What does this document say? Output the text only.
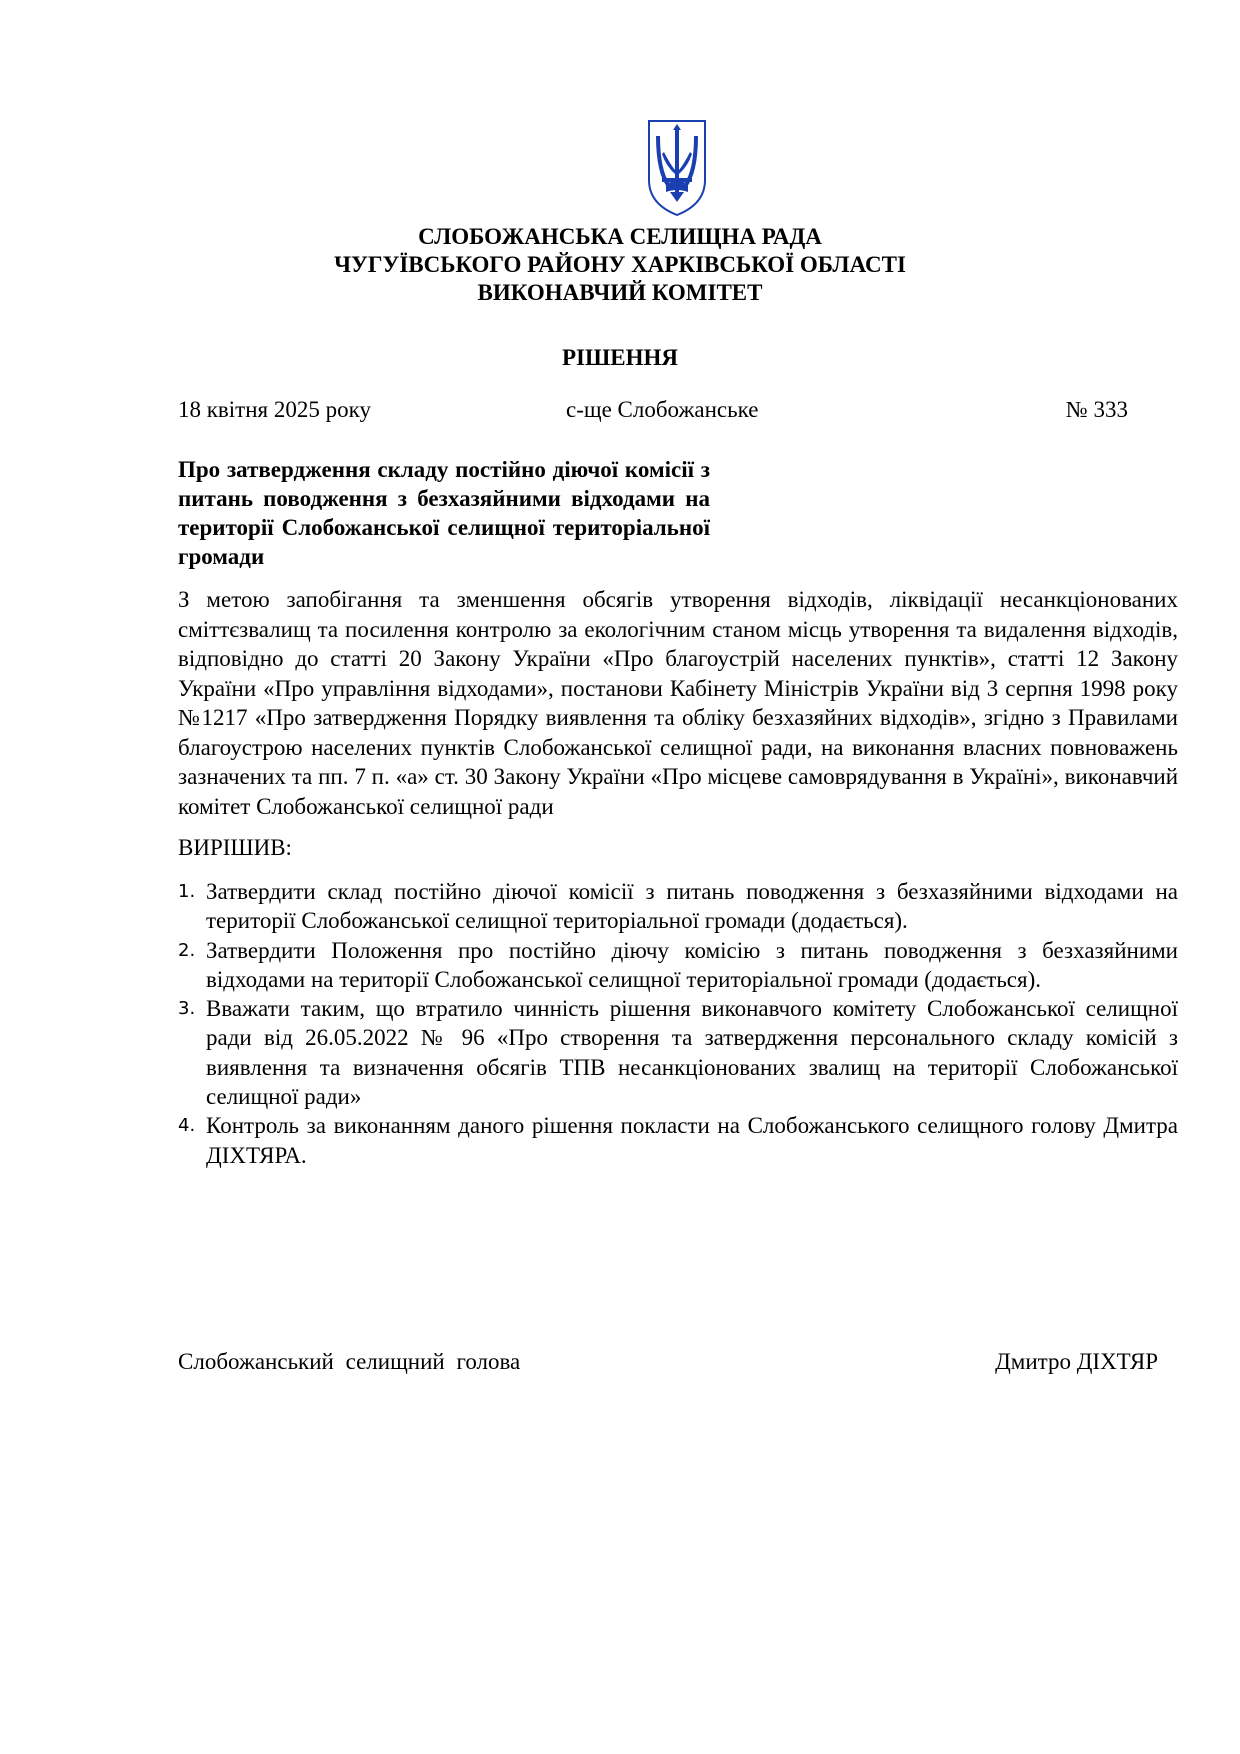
СЛОБОЖАНСЬКА СЕЛИЩНА РАДА
ЧУГУЇВСЬКОГО РАЙОНУ ХАРКІВСЬКОЇ ОБЛАСТІ
ВИКОНАВЧИЙ КОМІТЕТ
РІШЕННЯ
18 квітня 2025 року	с-ще Слобожанське	№ 333
Про затвердження складу постійно діючої комісії з питань поводження з безхазяйними відходами на території Слобожанської селищної територіальної громади
З метою запобігання та зменшення обсягів утворення відходів, ліквідації несанкціонованих сміттєзвалищ та посилення контролю за екологічним станом місць утворення та видалення відходів, відповідно до статті 20 Закону України «Про благоустрій населених пунктів», статті 12 Закону України «Про управління відходами», постанови Кабінету Міністрів України від 3 серпня 1998 року №1217 «Про затвердження Порядку виявлення та обліку безхазяйних відходів», згідно з Правилами благоустрою населених пунктів Слобожанської селищної ради, на виконання власних повноважень зазначених та пп. 7 п. «а» ст. 30 Закону України «Про місцеве самоврядування в Україні», виконавчий комітет Слобожанської селищної ради
ВИРІШИВ:
1. Затвердити склад постійно діючої комісії з питань поводження з безхазяйними відходами на території Слобожанської селищної територіальної громади (додається).
2. Затвердити Положення про постійно діючу комісію з питань поводження з безхазяйними відходами на території Слобожанської селищної територіальної громади (додається).
3. Вважати таким, що втратило чинність рішення виконавчого комітету Слобожанської селищної ради від 26.05.2022 № 96 «Про створення та затвердження персонального складу комісій з виявлення та визначення обсягів ТПВ несанкціонованих звалищ на території Слобожанської селищної ради»
4. Контроль за виконанням даного рішення покласти на Слобожанського селищного голову Дмитра ДІХТЯРА.
Слобожанський селищний голова	Дмитро ДІХТЯР
